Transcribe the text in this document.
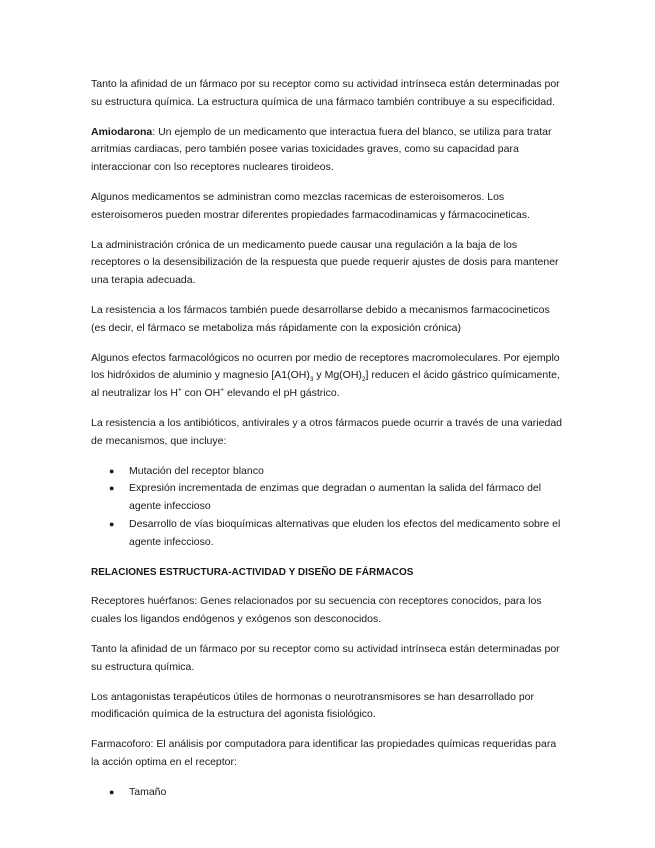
Tanto la afinidad de un fármaco por su receptor como su actividad intrínseca están determinadas por su estructura química. La estructura química de una fármaco también contribuye a su especificidad.

Amiodarona: Un ejemplo de un medicamento que interactua fuera del blanco, se utiliza para tratar arritmias cardiacas, pero también posee varias toxicidades graves, como su capacidad para interaccionar con lso receptores nucleares tiroideos.

Algunos medicamentos se administran como mezclas racemicas de esteroisomeros. Los esteroisomeros pueden mostrar diferentes propiedades farmacodinamicas y fármacocineticas.

La administración crónica de un medicamento puede causar una regulación a la baja de los receptores o la desensibilización de la respuesta que puede requerir ajustes de dosis para mantener una terapia adecuada.

La resistencia a los fármacos también puede desarrollarse debido a mecanismos farmacocineticos (es decir, el fármaco se metaboliza más rápidamente con la exposición crónica)

Algunos efectos farmacológicos no ocurren por medio de receptores macromoleculares. Por ejemplo los hidróxidos de aluminio y magnesio [$A1(OH)_3$ y $Mg(OH)_2$] reducen el ácido gástrico químicamente, al neutralizar los H+ con OH+ elevando el pH gástrico.

La resistencia a los antibióticos, antivirales y a otros fármacos puede ocurrir a través de una variedad de mecanismos, que incluye:

● Mutación del receptor blanco
● Expresión incrementada de enzimas que degradan o aumentan la salida del fármaco del agente infeccioso
● Desarrollo de vías bioquímicas alternativas que eluden los efectos del medicamento sobre el agente infeccioso.
RELACIONES ESTRUCTURA-ACTIVIDAD Y DISEÑO DE FÁRMACOS

Receptores huérfanos: Genes relacionados por su secuencia con receptores conocidos, para los cuales los ligandos endógenos y exógenos son desconocidos.

Tanto la afinidad de un fármaco por su receptor como su actividad intrínseca están determinadas por su estructura química.

Los antagonistas terapéuticos útiles de hormonas o neurotransmisores se han desarrollado por modificación química de la estructura del agonista fisiológico.

Farmacoforo: El análisis por computadora para identificar las propiedades químicas requeridas para la acción optima en el receptor:

● Tamaño
